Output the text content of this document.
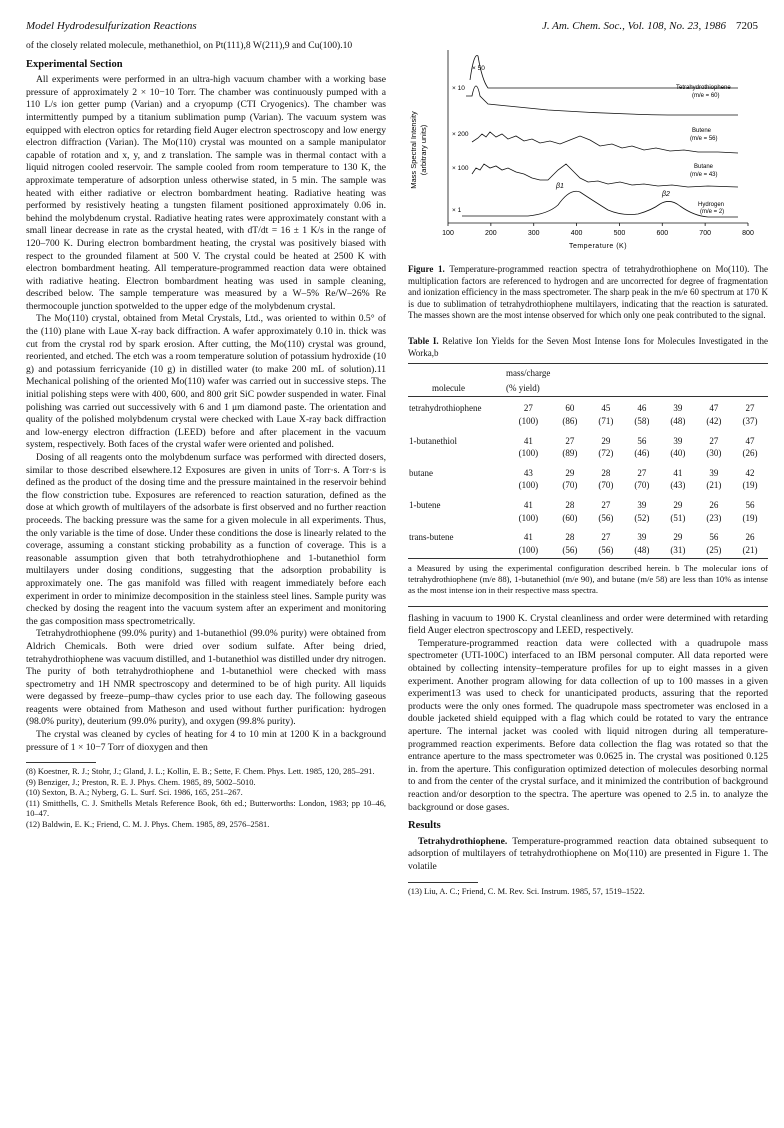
Model Hydrodesulfurization Reactions	J. Am. Chem. Soc., Vol. 108, No. 23, 1986 7205

of the closely related molecule, methanethiol, on Pt(111),8 W(211),9 and Cu(100).10

Experimental Section

All experiments were performed in an ultra-high vacuum chamber with a working base pressure of approximately 2 × 10−10 Torr. The chamber was continuously pumped with a 110 L/s ion getter pump (Varian) and a cryopump (CTI Cryogenics). The chamber was intermittently pumped by a titanium sublimation pump (Varian). The vacuum system was equipped with electron optics for retarding field Auger electron spectroscopy and low energy electron diffraction (Varian). The Mo(110) crystal was mounted on a sample manipulator capable of rotation and x, y, and z translation. The sample was in thermal contact with a liquid nitrogen cooled reservoir. The sample cooled from room temperature to 130 K, the approximate temperature of adsorption unless otherwise stated, in 5 min. The sample was heated with either radiative or electron bombardment heating. Radiative heating was performed by resistively heating a tungsten filament positioned approximately 0.06 in. behind the molybdenum crystal. Radiative heating rates were approximately constant with a small linear decrease in rate as the crystal heated, with dT/dt = 16 ± 1 K/s in the range of 120–700 K. During electron bombardment heating, the crystal was positively biased with respect to the grounded filament at 500 V. The crystal could be heated at 2500 K with electron bombardment heating. All temperature-programmed reaction data were obtained with radiative heating. Electron bombardment heating was used in sample cleaning, described below. The sample temperature was measured by a W–5% Re/W–26% Re thermocouple junction spotwelded to the upper edge of the molybdenum crystal.

The Mo(110) crystal, obtained from Metal Crystals, Ltd., was oriented to within 0.5° of the (110) plane with Laue X-ray back diffraction. A wafer approximately 0.10 in. thick was cut from the crystal rod by spark erosion. After cutting, the Mo(110) crystal was ground, reoriented, and etched. The etch was a room temperature solution of potassium hydroxide (10 g) and potassium ferricyanide (10 g) in distilled water (to make 200 mL of solution).11 Mechanical polishing of the oriented Mo(110) wafer was carried out in successive steps. The initial polishing steps were with 400, 600, and 800 grit SiC powder suspended in water. Final polishing was carried out successively with 6 and 1 μm diamond paste. The orientation and quality of the polished molybdenum crystal were checked with Laue X-ray back diffraction and low-energy electron diffraction (LEED) before and after placement in the vacuum system, respectively. Both faces of the crystal wafer were oriented and polished.

Dosing of all reagents onto the molybdenum surface was performed with directed dosers, similar to those described elsewhere.12 Exposures are given in units of Torr·s. A Torr·s is defined as the product of the dosing time and the pressure maintained in the reservoir behind the flow constriction tube. Exposures are referenced to reaction saturation, defined as the dose at which growth of multilayers of the adsorbate is first observed and no further reaction proceeds. The backing pressure was the same for a given molecule in all experiments. Thus, the only variable is the time of dose. Under these conditions the dose is linearly related to the coverage, assuming a constant sticking probability as a function of coverage. This is a reasonable assumption given that both tetrahydrothiophene and 1-butanethiol form multilayers under dosing conditions, suggesting that the adsorption probability is approximately one. The gas manifold was filled with reagent immediately before each experiment in order to minimize decomposition in the stainless steel lines. Sample purity was checked by dosing the reagent into the vacuum system after an experiment and monitoring the gas composition mass spectrometrically.

Tetrahydrothiophene (99.0% purity) and 1-butanethiol (99.0% purity) were obtained from Aldrich Chemicals. Both were dried over sodium sulfate. After being dried, tetrahydrothiophene was vacuum distilled, and 1-butanethiol was distilled under dry nitrogen. The purity of both tetrahydrothiophene and 1-butanethiol were checked with mass spectrometry and 1H NMR spectroscopy and determined to be of high purity. All liquids were degassed by freeze–pump–thaw cycles prior to use each day. The following gaseous reagents were obtained from Matheson and used without further purification: hydrogen (98.0% purity), deuterium (99.0% purity), and oxygen (99.8% purity).

The crystal was cleaned by cycles of heating for 4 to 10 min at 1200 K in a background pressure of 1 × 10−7 Torr of dioxygen and then

(8) Koestner, R. J.; Stohr, J.; Gland, J. L.; Kollin, E. B.; Sette, F. Chem. Phys. Lett. 1985, 120, 285–291.

(9) Benziger, J.; Preston, R. E. J. Phys. Chem. 1985, 89, 5002–5010.

(10) Sexton, B. A.; Nyberg, G. L. Surf. Sci. 1986, 165, 251–267.

(11) Smitthells, C. J. Smithells Metals Reference Book, 6th ed.; Butterworths: London, 1983; pp 10–46, 10–47.

(12) Baldwin, E. K.; Friend, C. M. J. Phys. Chem. 1985, 89, 2576–2581.

Mass Spectral Intensity (arbitrary units)
100	200	300	400	500	600	700	800
Temperature (K)
× 50
× 10	Tetrahydrothiophene
(m/e = 60)
× 200	Butene
(m/e = 56)
× 100	Butane
(m/e = 43)
× 1
β1
β2
Hydrogen
(m/e = 2)
Figure 1. Temperature-programmed reaction spectra of tetrahydrothiophene on Mo(110). The multiplication factors are referenced to hydrogen and are uncorrected for degree of fragmentation and ionization efficiency in the mass spectrometer. The sharp peak in the m/e 60 spectrum at 170 K is due to sublimation of tetrahydrothiophene multilayers, indicating that the reaction is saturated. The masses shown are the most intense observed for which only one peak contributed to the signal.
Table I. Relative Ion Yields for the Seven Most Intense Ions for Molecules Investigated in the Worka,b
molecule	mass/charge						
	(% yield)						
tetrahydrothiophene	27	60	45	46	39	47	27
	(100)	(86)	(71)	(58)	(48)	(42)	(37)
1-butanethiol	41	27	29	56	39	27	47
	(100)	(89)	(72)	(46)	(40)	(30)	(26)
butane	43	29	28	27	41	39	42
	(100)	(70)	(70)	(70)	(43)	(21)	(19)
1-butene	41	28	27	39	29	26	56
	(100)	(60)	(56)	(52)	(51)	(23)	(19)
trans-butene	41	28	27	39	29	56	26
	(100)	(56)	(56)	(48)	(31)	(25)	(21)
a Measured by using the experimental configuration described herein. b The molecular ions of tetrahydrothiophene (m/e 88), 1-butanethiol (m/e 90), and butane (m/e 58) are less than 10% as intense as the most intense ion in their respective mass spectra.

flashing in vacuum to 1900 K. Crystal cleanliness and order were determined with retarding field Auger electron spectroscopy and LEED, respectively.

Temperature-programmed reaction data were collected with a quadrupole mass spectrometer (UTI-100C) interfaced to an IBM personal computer. All data reported were obtained by collecting intensity–temperature profiles for up to eight masses in a given experiment. Another program allowing for data collection of up to 100 masses in a given experiment13 was used to check for unanticipated products, assuring that the reported products were the only ones formed. The quadrupole mass spectrometer was enclosed in a double jacketed shield equipped with a flag which could be rotated to vary the entrance aperture. The internal jacket was cooled with liquid nitrogen during all temperature-programmed reaction experiments. Before data collection the flag was rotated so that the entrance aperture to the mass spectrometer was 0.0625 in. The crystal was positioned 0.125 in. from the aperture. This configuration optimized detection of molecules desorbing normal to and from the center of the crystal surface, and it minimized the contribution of background reaction and/or desorption to the spectra. The aperture was opened to 2.5 in. to analyze the background or dose gases.

Results

Tetrahydrothiophene. Temperature-programmed reaction data obtained subsequent to adsorption of multilayers of tetrahydrothiophene on Mo(110) are presented in Figure 1. The volatile

(13) Liu, A. C.; Friend, C. M. Rev. Sci. Instrum. 1985, 57, 1519–1522.
